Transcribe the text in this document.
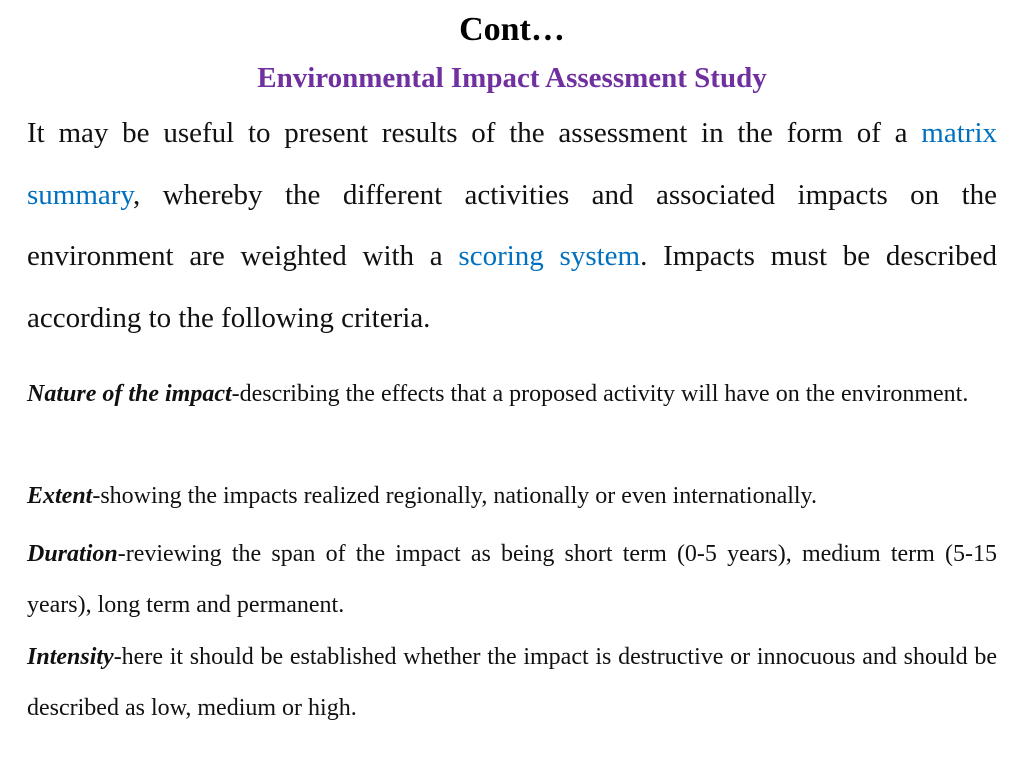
Cont…
Environmental Impact Assessment Study

It may be useful to present results of the assessment in the form of a matrix summary, whereby the different activities and associated impacts on the environment are weighted with a scoring system. Impacts must be described according to the following criteria.

Nature of the impact-describing the effects that a proposed activity will have on the environment.

Extent-showing the impacts realized regionally, nationally or even internationally.

Duration-reviewing the span of the impact as being short term (0-5 years), medium term (5-15 years), long term and permanent.

Intensity-here it should be established whether the impact is destructive or innocuous and should be described as low, medium or high.
